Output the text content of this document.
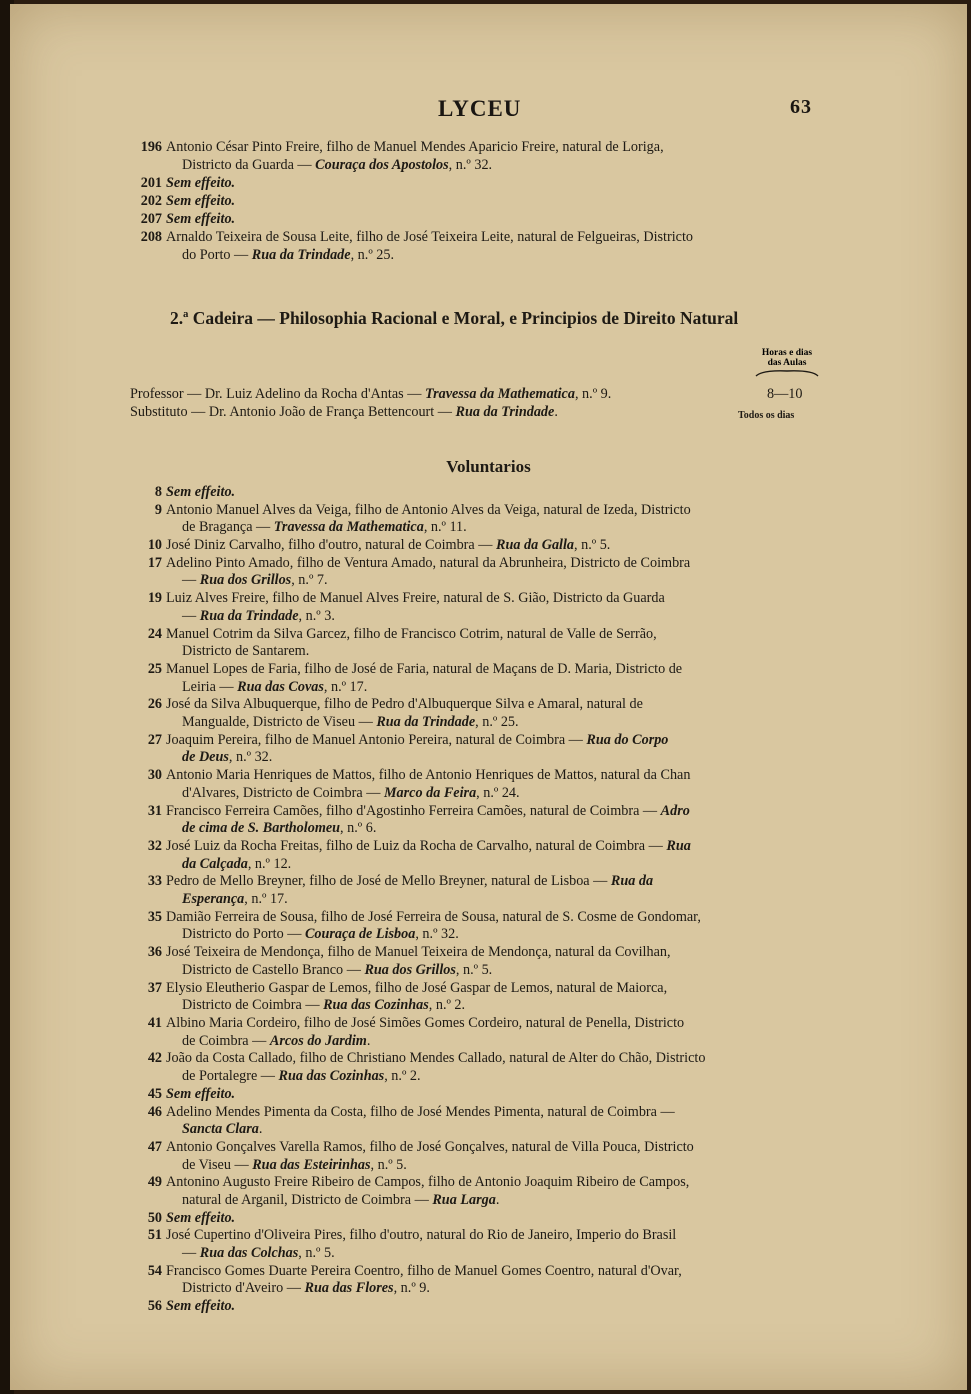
LYCEU	63
196 Antonio César Pinto Freire, filho de Manuel Mendes Aparicio Freire, natural de Loriga,
Districto da Guarda — Couraça dos Apostolos, n.º 32.
201 Sem effeito.
202 Sem effeito.
207 Sem effeito.
208 Arnaldo Teixeira de Sousa Leite, filho de José Teixeira Leite, natural de Felgueiras, Districto
do Porto — Rua da Trindade, n.º 25.
2.ª Cadeira — Philosophia Racional e Moral, e Principios de Direito Natural
Horas e dias
das Aulas
Professor — Dr. Luiz Adelino da Rocha d'Antas — Travessa da Mathematica, n.º 9.	8—10
Substituto — Dr. Antonio João de França Bettencourt — Rua da Trindade.	Todos os dias
Voluntarios
8 Sem effeito.
9 Antonio Manuel Alves da Veiga, filho de Antonio Alves da Veiga, natural de Izeda, Districto
de Bragança — Travessa da Mathematica, n.º 11.
10 José Diniz Carvalho, filho d'outro, natural de Coimbra — Rua da Galla, n.º 5.
17 Adelino Pinto Amado, filho de Ventura Amado, natural da Abrunheira, Districto de Coimbra
— Rua dos Grillos, n.º 7.
19 Luiz Alves Freire, filho de Manuel Alves Freire, natural de S. Gião, Districto da Guarda
— Rua da Trindade, n.º 3.
24 Manuel Cotrim da Silva Garcez, filho de Francisco Cotrim, natural de Valle de Serrão,
Districto de Santarem.
25 Manuel Lopes de Faria, filho de José de Faria, natural de Maçans de D. Maria, Districto de
Leiria — Rua das Covas, n.º 17.
26 José da Silva Albuquerque, filho de Pedro d'Albuquerque Silva e Amaral, natural de
Mangualde, Districto de Viseu — Rua da Trindade, n.º 25.
27 Joaquim Pereira, filho de Manuel Antonio Pereira, natural de Coimbra — Rua do Corpo
de Deus, n.º 32.
30 Antonio Maria Henriques de Mattos, filho de Antonio Henriques de Mattos, natural da Chan
d'Alvares, Districto de Coimbra — Marco da Feira, n.º 24.
31 Francisco Ferreira Camões, filho d'Agostinho Ferreira Camões, natural de Coimbra — Adro
de cima de S. Bartholomeu, n.º 6.
32 José Luiz da Rocha Freitas, filho de Luiz da Rocha de Carvalho, natural de Coimbra — Rua
da Calçada, n.º 12.
33 Pedro de Mello Breyner, filho de José de Mello Breyner, natural de Lisboa — Rua da
Esperança, n.º 17.
35 Damião Ferreira de Sousa, filho de José Ferreira de Sousa, natural de S. Cosme de Gondomar,
Districto do Porto — Couraça de Lisboa, n.º 32.
36 José Teixeira de Mendonça, filho de Manuel Teixeira de Mendonça, natural da Covilhan,
Districto de Castello Branco — Rua dos Grillos, n.º 5.
37 Elysio Eleutherio Gaspar de Lemos, filho de José Gaspar de Lemos, natural de Maiorca,
Districto de Coimbra — Rua das Cozinhas, n.º 2.
41 Albino Maria Cordeiro, filho de José Simões Gomes Cordeiro, natural de Penella, Districto
de Coimbra — Arcos do Jardim.
42 João da Costa Callado, filho de Christiano Mendes Callado, natural de Alter do Chão, Districto
de Portalegre — Rua das Cozinhas, n.º 2.
45 Sem effeito.
46 Adelino Mendes Pimenta da Costa, filho de José Mendes Pimenta, natural de Coimbra —
Sancta Clara.
47 Antonio Gonçalves Varella Ramos, filho de José Gonçalves, natural de Villa Pouca, Districto
de Viseu — Rua das Esteirinhas, n.º 5.
49 Antonino Augusto Freire Ribeiro de Campos, filho de Antonio Joaquim Ribeiro de Campos,
natural de Arganil, Districto de Coimbra — Rua Larga.
50 Sem effeito.
51 José Cupertino d'Oliveira Pires, filho d'outro, natural do Rio de Janeiro, Imperio do Brasil
— Rua das Colchas, n.º 5.
54 Francisco Gomes Duarte Pereira Coentro, filho de Manuel Gomes Coentro, natural d'Ovar,
Districto d'Aveiro — Rua das Flores, n.º 9.
56 Sem effeito.
